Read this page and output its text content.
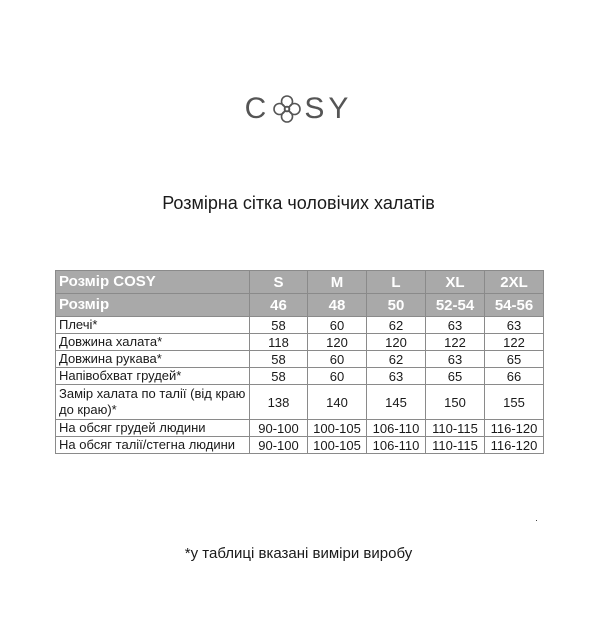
C SY
Розмірна сітка чоловічих халатів
Розмір COSY	S	M	L	XL	2XL
Розмір	46	48	50	52-54	54-56
Плечі*	58	60	62	63	63
Довжина халата*	118	120	120	122	122
Довжина рукава*	58	60	62	63	65
Напівобхват грудей*	58	60	63	65	66
Замір халата по талії (від краю до краю)*	138	140	145	150	155
На обсяг грудей людини	90-100	100-105	106-110	110-115	116-120
На обсяг талії/стегна людини	90-100	100-105	106-110	110-115	116-120
*у таблиці вказані виміри виробу
